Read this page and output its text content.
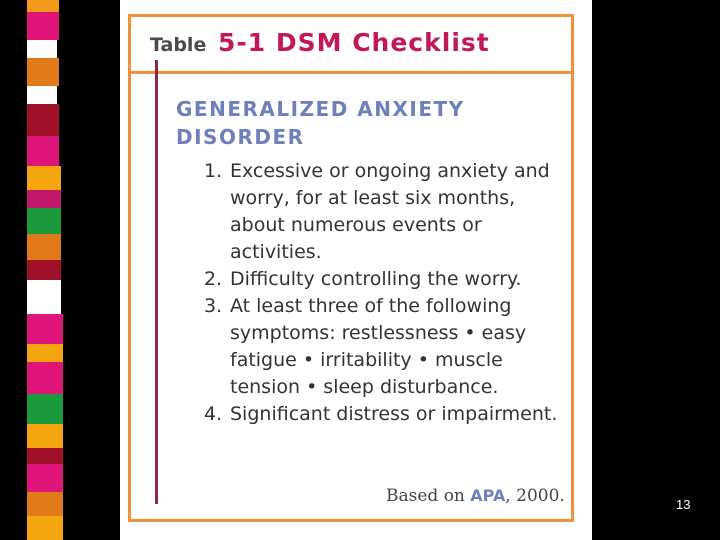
Table 5-1 DSM Checklist
GENERALIZED ANXIETY DISORDER
1. Excessive or ongoing anxiety and worry, for at least six months, about numerous events or activities.
2. Difficulty controlling the worry.
3. At least three of the following symptoms: restlessness • easy fatigue • irritability • muscle tension • sleep disturbance.
4. Significant distress or impairment.
Based on APA, 2000.	13
